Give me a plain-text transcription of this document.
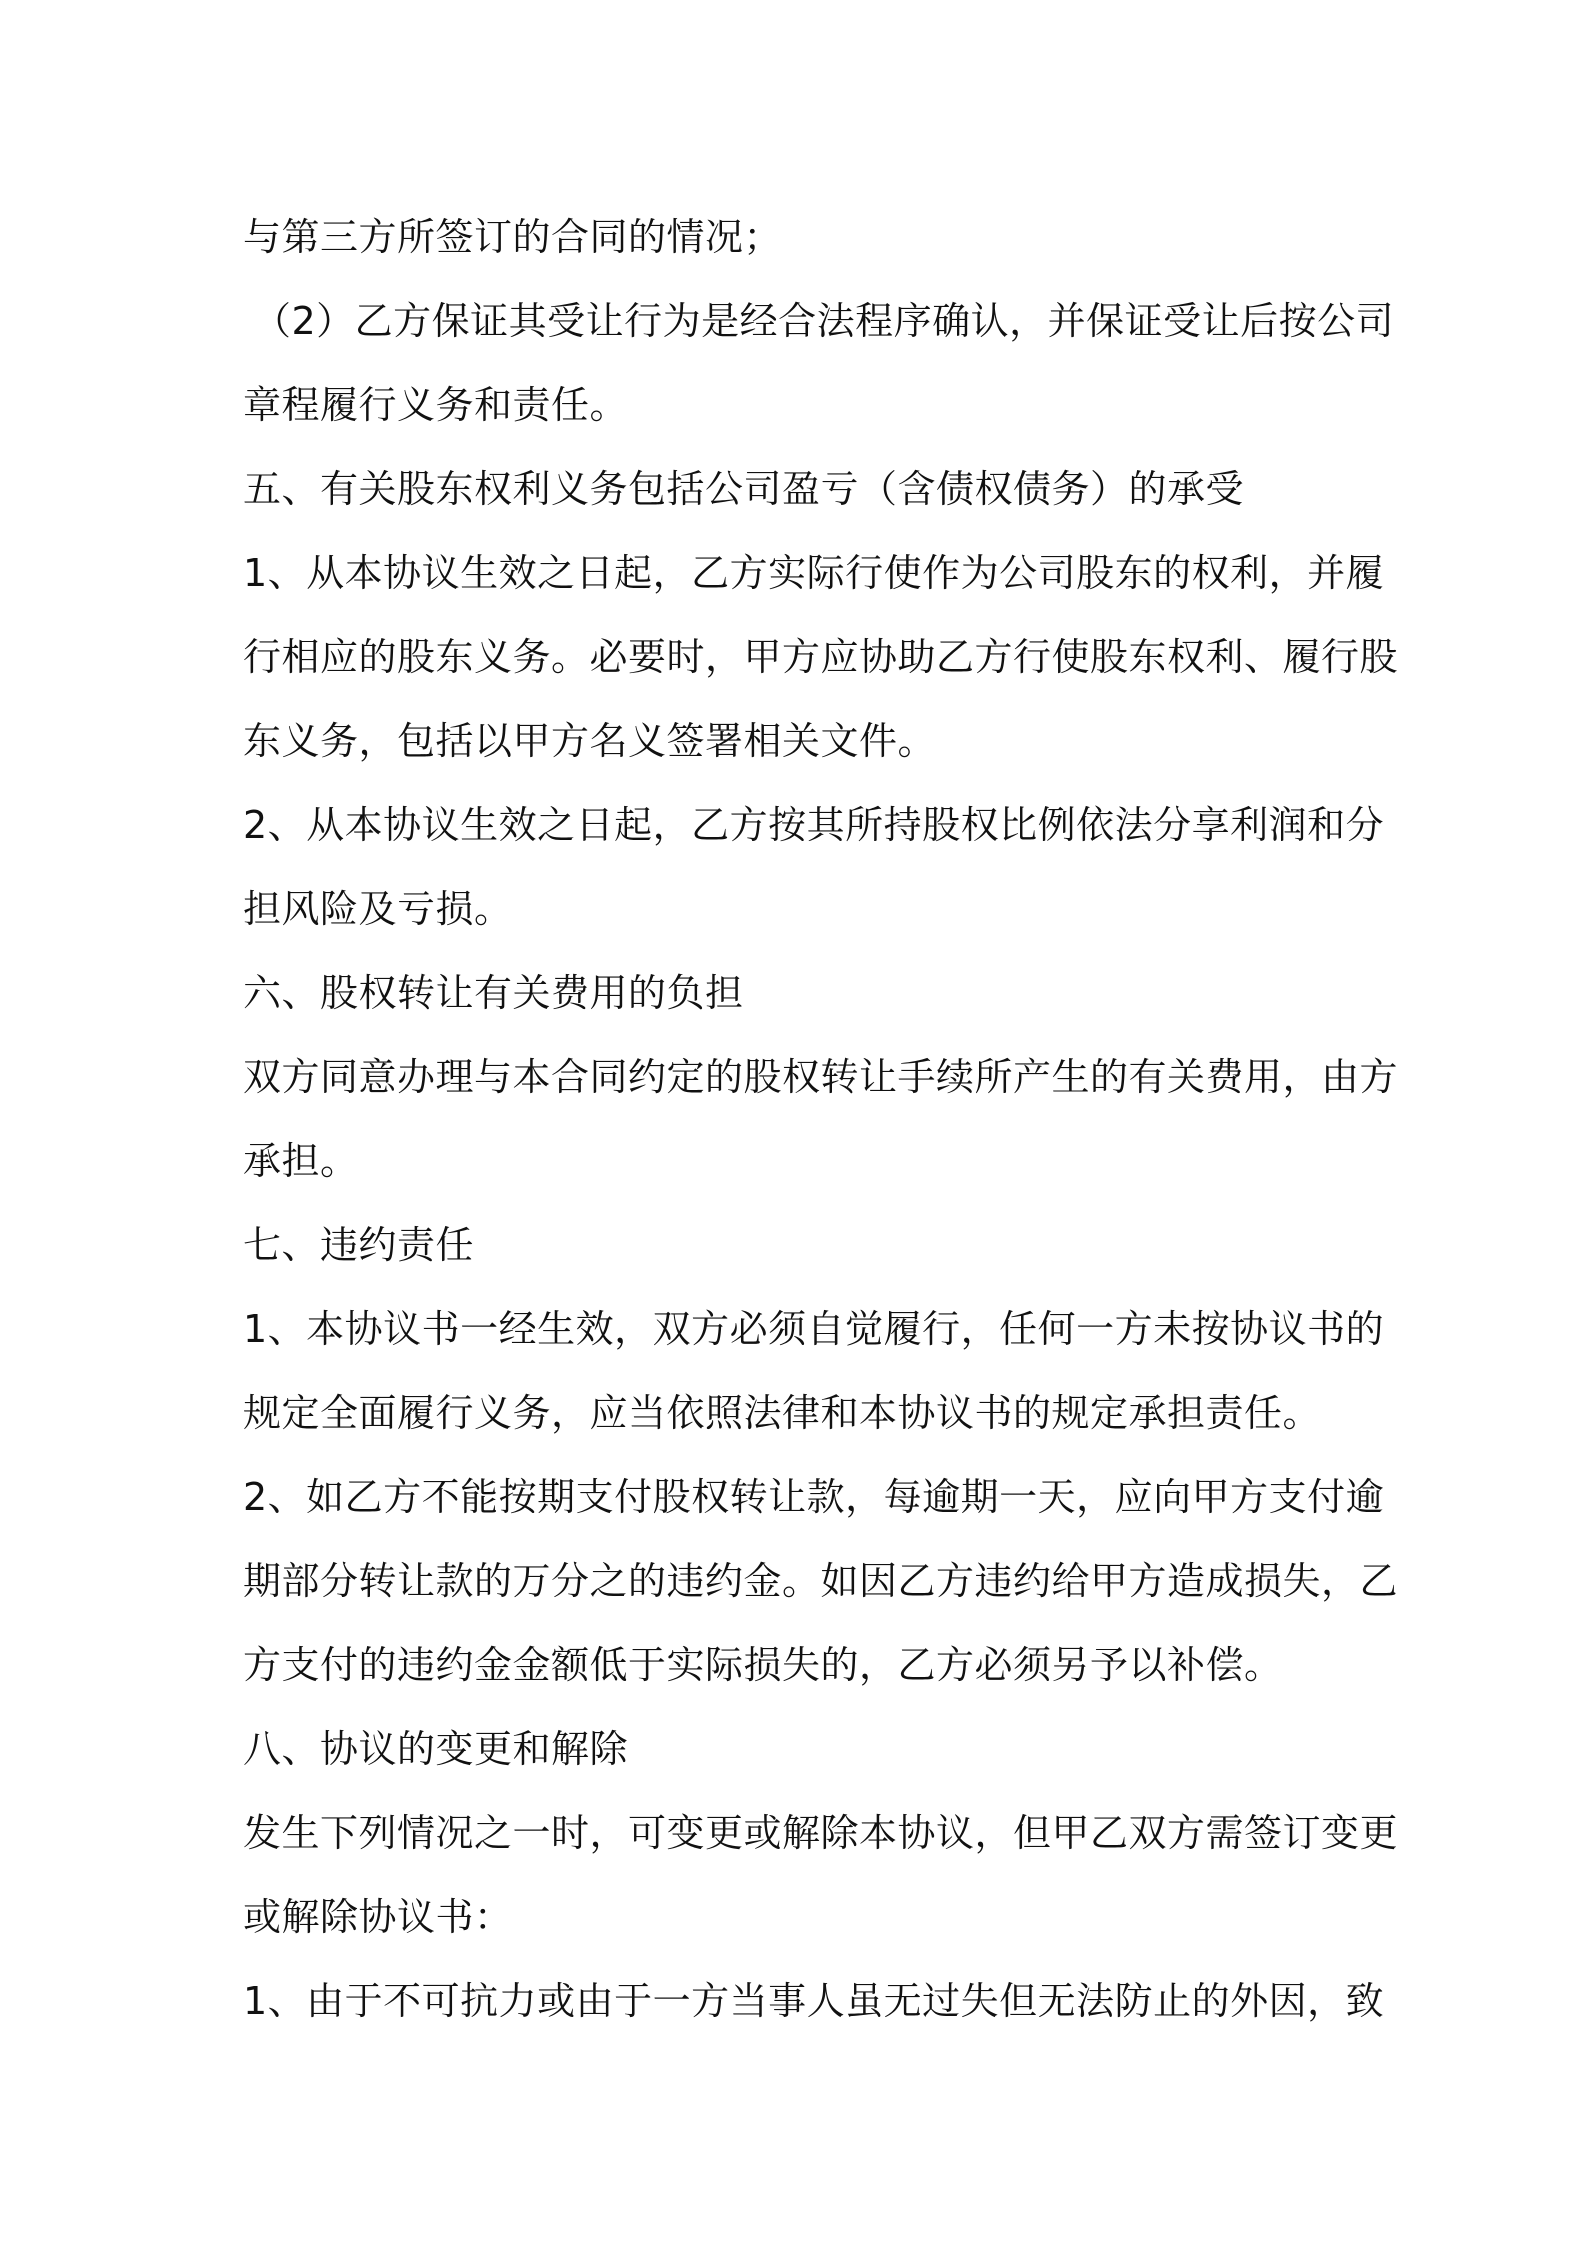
与第三方所签订的合同的情况；
（2）乙方保证其受让行为是经合法程序确认，并保证受让后按公司
章程履行义务和责任。
五、有关股东权利义务包括公司盈亏（含债权债务）的承受
1、从本协议生效之日起，乙方实际行使作为公司股东的权利，并履
行相应的股东义务。必要时，甲方应协助乙方行使股东权利、履行股
东义务，包括以甲方名义签署相关文件。
2、从本协议生效之日起，乙方按其所持股权比例依法分享利润和分
担风险及亏损。
六、股权转让有关费用的负担
双方同意办理与本合同约定的股权转让手续所产生的有关费用，由方
承担。
七、违约责任
1、本协议书一经生效，双方必须自觉履行，任何一方未按协议书的
规定全面履行义务，应当依照法律和本协议书的规定承担责任。
2、如乙方不能按期支付股权转让款，每逾期一天，应向甲方支付逾
期部分转让款的万分之的违约金。如因乙方违约给甲方造成损失，乙
方支付的违约金金额低于实际损失的，乙方必须另予以补偿。
八、协议的变更和解除
发生下列情况之一时，可变更或解除本协议，但甲乙双方需签订变更
或解除协议书：
1、由于不可抗力或由于一方当事人虽无过失但无法防止的外因，致
